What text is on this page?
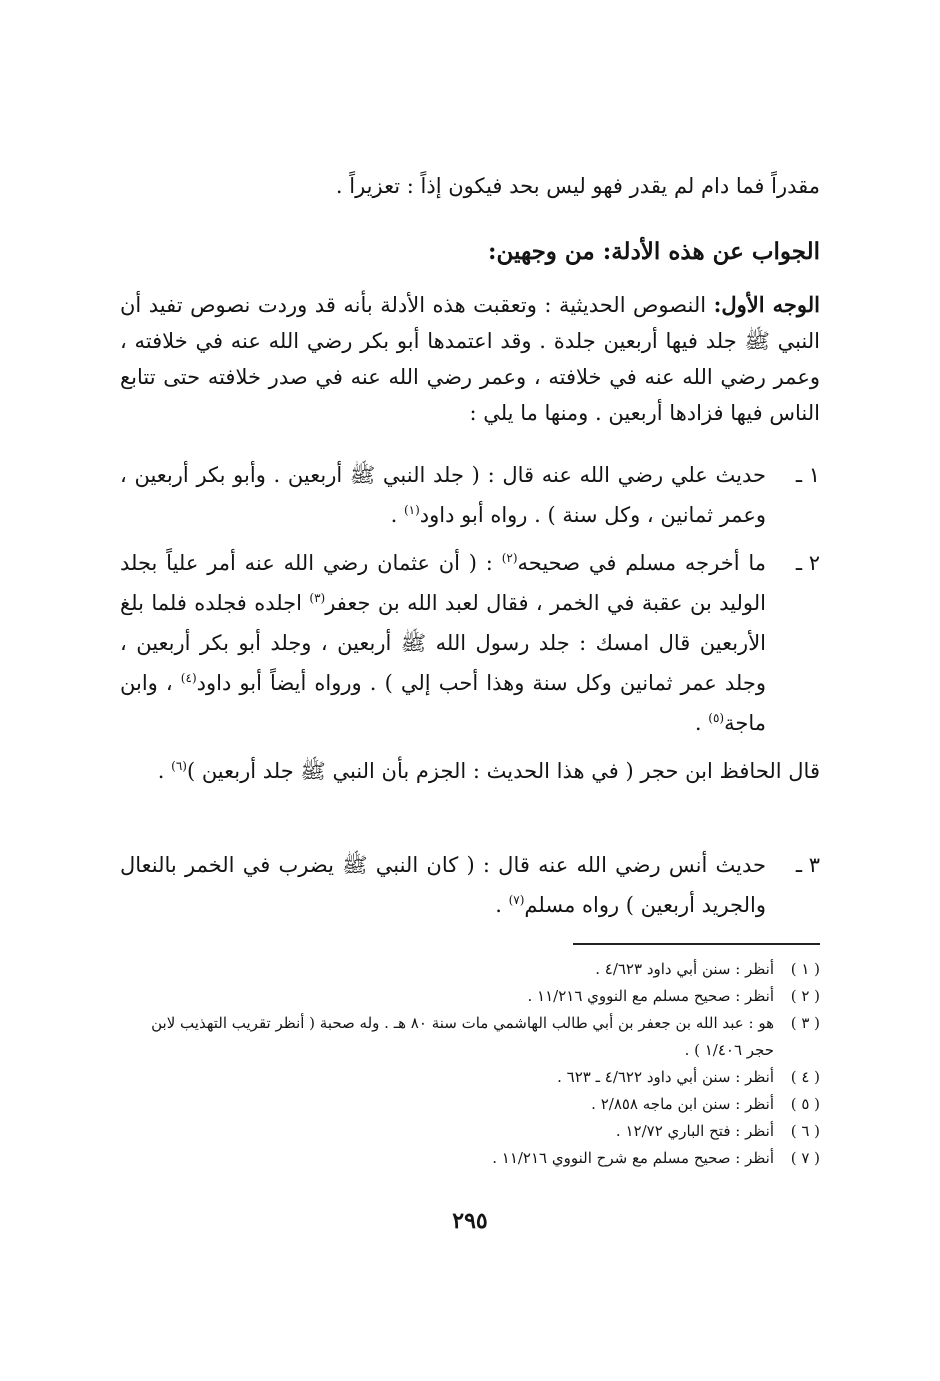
مقدراً فما دام لم يقدر فهو ليس بحد فيكون إذاً : تعزيراً .
الجواب عن هذه الأدلة: من وجهين:
الوجه الأول: النصوص الحديثية : وتعقبت هذه الأدلة بأنه قد وردت نصوص تفيد أن النبي ﷺ جلد فيها أربعين جلدة . وقد اعتمدها أبو بكر رضي الله عنه في خلافته ، وعمر رضي الله عنه في خلافته ، وعمر رضي الله عنه في صدر خلافته حتى تتابع الناس فيها فزادها أربعين . ومنها ما يلي :
١ ـ
حديث علي رضي الله عنه قال : ( جلد النبي ﷺ أربعين . وأبو بكر أربعين ، وعمر ثمانين ، وكل سنة ) . رواه أبو داود$^{(١)}$ .
٢ ـ
ما أخرجه مسلم في صحيحه$^{(٢)}$ : ( أن عثمان رضي الله عنه أمر علياً بجلد الوليد بن عقبة في الخمر ، فقال لعبد الله بن جعفر$^{(٣)}$ اجلده فجلده فلما بلغ الأربعين قال امسك : جلد رسول الله ﷺ أربعين ، وجلد أبو بكر أربعين ، وجلد عمر ثمانين وكل سنة وهذا أحب إلي ) . ورواه أيضاً أبو داود$^{(٤)}$ ، وابن ماجة$^{(٥)}$ .
قال الحافظ ابن حجر ( في هذا الحديث : الجزم بأن النبي ﷺ جلد أربعين )$^{(٦)}$ .
٣ ـ
حديث أنس رضي الله عنه قال : ( كان النبي ﷺ يضرب في الخمر بالنعال والجريد أربعين ) رواه مسلم$^{(٧)}$ .
( ١ )
أنظر : سنن أبي داود ٤/٦٢٣ .
( ٢ )
أنظر : صحيح مسلم مع النووي ١١/٢١٦ .
( ٣ )
هو : عبد الله بن جعفر بن أبي طالب الهاشمي مات سنة ٨٠ هـ . وله صحبة ( أنظر تقريب التهذيب لابن حجر ١/٤٠٦ ) .
( ٤ )
أنظر : سنن أبي داود ٤/٦٢٢ ـ ٦٢٣ .
( ٥ )
أنظر : سنن ابن ماجه ٢/٨٥٨ .
( ٦ )
أنظر : فتح الباري ١٢/٧٢ .
( ٧ )
أنظر : صحيح مسلم مع شرح النووي ١١/٢١٦ .
٢٩٥
